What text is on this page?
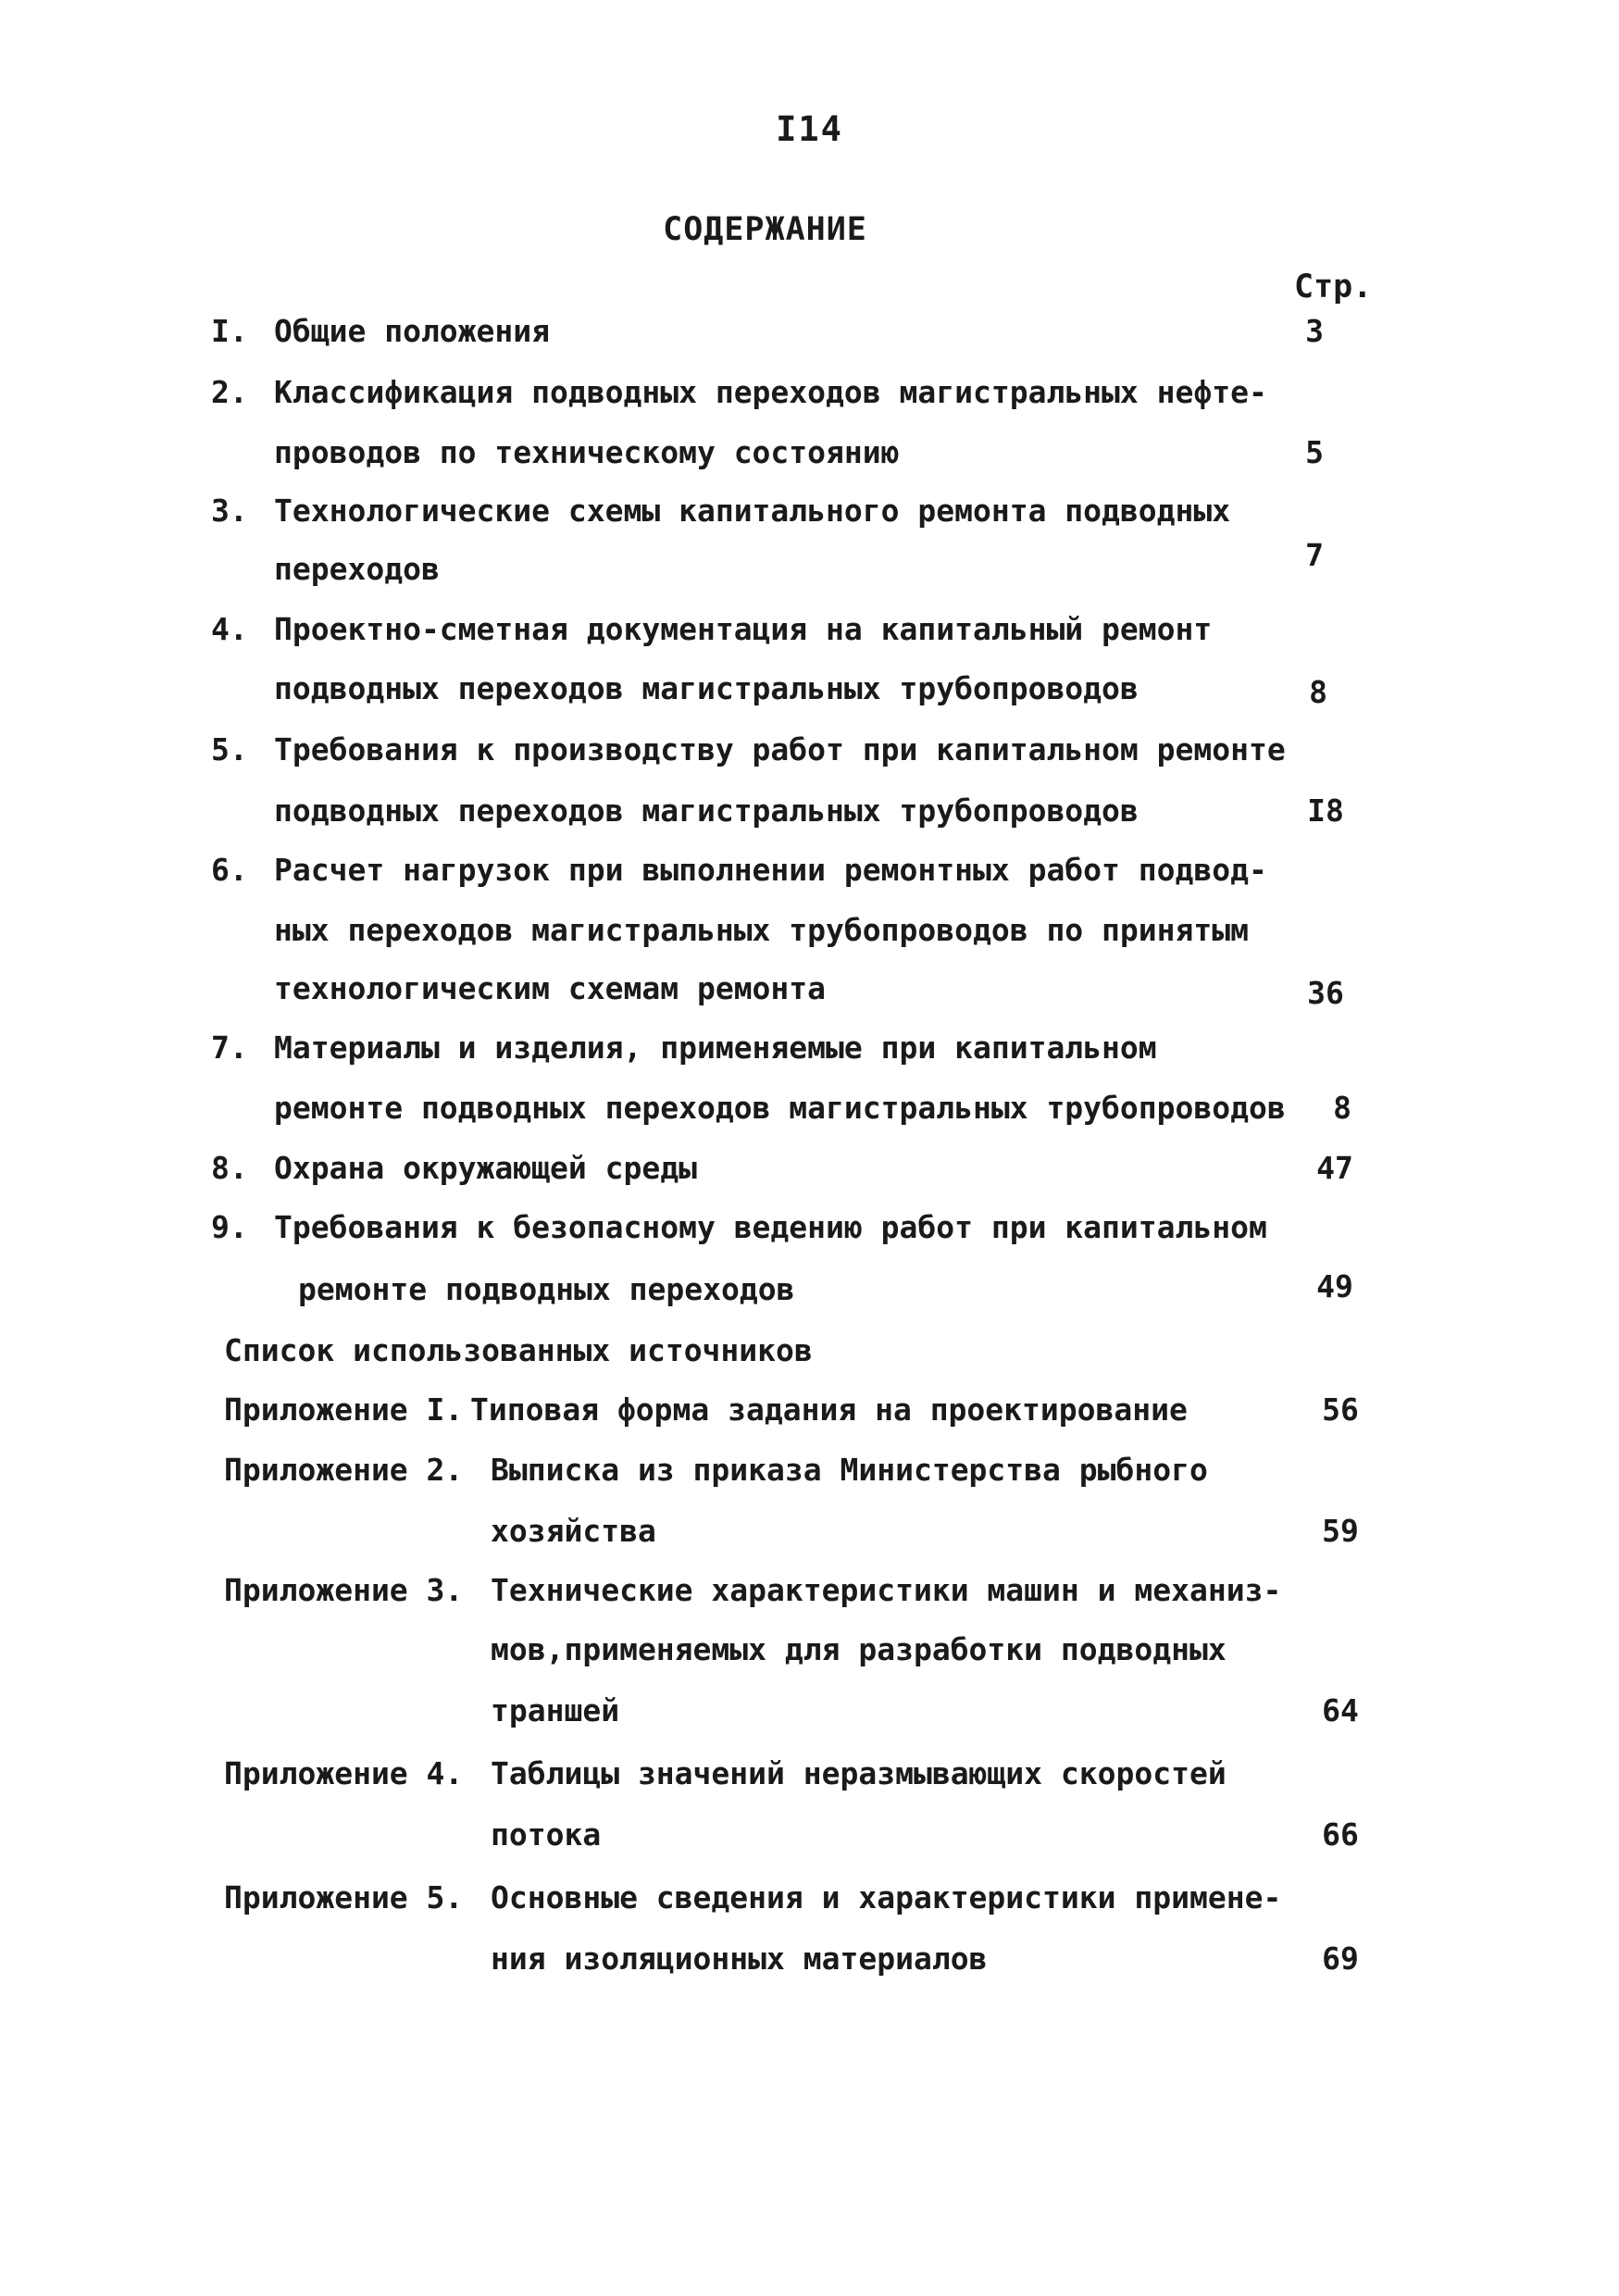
I14
СОДЕРЖАНИЕ
Стр.
I. Общие положения	3
2. Классификация подводных переходов магистральных нефте-
проводов по техническому состоянию	5
3. Технологические схемы капитального ремонта подводных
переходов	7
4. Проектно-сметная документация на капитальный ремонт
подводных переходов магистральных трубопроводов	8
5. Требования к производству работ при капитальном ремонте
подводных переходов магистральных трубопроводов	I8
6. Расчет нагрузок при выполнении ремонтных работ подвод-
ных переходов магистральных трубопроводов по принятым
технологическим схемам ремонта	36
7. Материалы и изделия, применяемые при капитальном
ремонте подводных переходов магистральных трубопроводов	8
8. Охрана окружающей среды	47
9. Требования к безопасному ведению работ при капитальном
ремонте подводных переходов	49
Список использованных источников
Приложение I. Типовая форма задания на проектирование	56
Приложение 2. Выписка из приказа Министерства рыбного
хозяйства	59
Приложение 3. Технические характеристики машин и механиз-
мов,применяемых для разработки подводных
траншей	64
Приложение 4. Таблицы значений неразмывающих скоростей
потока	66
Приложение 5. Основные сведения и характеристики примене-
ния изоляционных материалов	69
